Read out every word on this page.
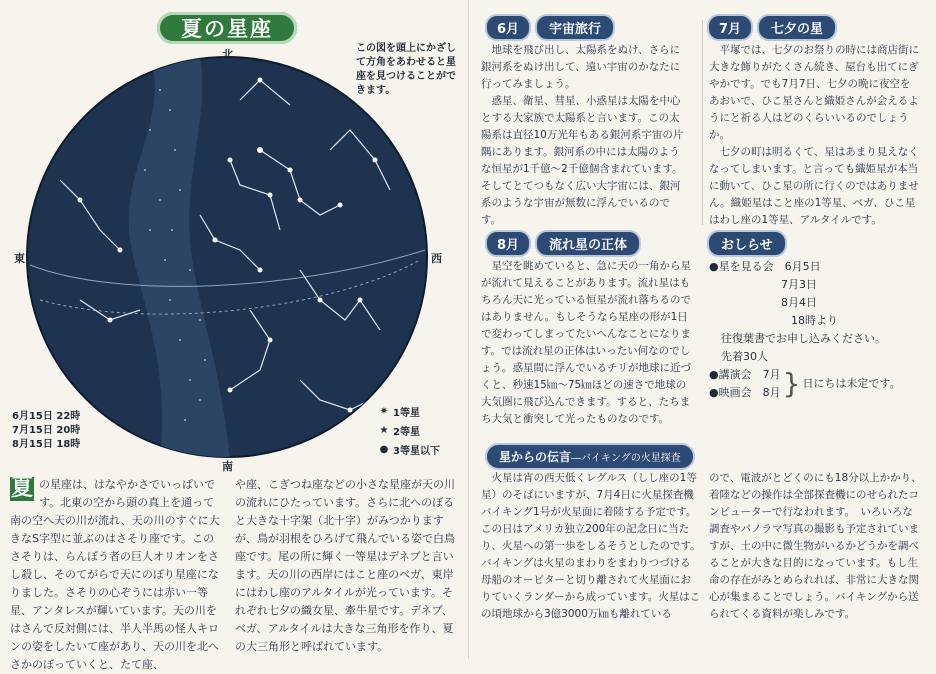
夏の星座
北
南
東	西
この図を頭上にかざして方角をあわせると星座を見つけることができます。
6月15日 22時
7月15日 20時
8月15日 18時
✷ 1等星
★ 2等星
● 3等星以下
夏 の星座は、はなやかさでいっぱいです。北東の空から頭の真上を通って南の空へ天の川が流れ、天の川のすぐに大きなS字型に並ぶのはさそり座です。このさそりは、らんぼう者の巨人オリオンをさし殺し、そのてがらで天にのぼり星座になりました。さそりの心ぞうには赤い一等星、アンタレスが輝いています。天の川をはさんで反対側には、半人半馬の怪人キロンの姿をしたいて座があり、天の川を北へさかのぼっていくと、たて座、
や座、こぎつね座などの小さな星座が天の川の流れにひたっています。さらに北へのぼると大きな十字架（北十字）がみつかりますが、鳥が羽根をひろげて飛んでいる姿で白鳥座です。尾の所に輝く一等星はデネブと言います。天の川の西岸にはこと座のベガ、東岸にはわし座のアルタイルが光っています。それぞれ七夕の織女星、牽牛星です。デネブ、ベガ、アルタイルは大きな三角形を作り、夏の大三角形と呼ばれています。
6月	宇宙旅行
地球を飛び出し、太陽系をぬけ、さらに銀河系をぬけ出して、遠い宇宙のかなたに行ってみましょう。
惑星、衛星、彗星、小惑星は太陽を中心とする大家族で太陽系と言います。この太陽系は直径10万光年もある銀河系宇宙の片隅にあります。銀河系の中には太陽のような恒星が1千億～2千億個含まれています。そしてとてつもなく広い大宇宙には、銀河系のような宇宙が無数に浮んでいるのです。
7月	七夕の星
平塚では、七夕のお祭りの時には商店街に大きな飾りがたくさん続き、屋台も出てにぎやかです。でも7月7日、七夕の晩に夜空をあおいで、ひこ星さんと織姫さんが会えるようにと祈る人はどのくらいいるのでしょうか。
七夕の町は明るくて、星はあまり見えなくなってしまいます。と言っても織姫星が本当に動いて、ひこ星の所に行くのではありません。織姫星はこと座の1等星、ベガ、ひこ星はわし座の1等星、アルタイルです。
8月	流れ星の正体
星空を眺めていると、急に天の一角から星が流れて見えることがあります。流れ星はもちろん天に光っている恒星が流れ落ちるのではありません。もしそうなら星座の形が1日で変わってしまってたいへんなことになります。では流れ星の正体はいったい何なのでしょう。惑星間に浮んでいるチリが地球に近づくと、秒速15㎞～75㎞ほどの速さで地球の大気圏に飛び込んできます。すると、たちまち大気と衝突して光ったものなのです。
おしらせ
●星を見る会　6月5日
7月3日
8月4日
18時より
往復葉書でお申し込みください。
先着30人
●講演会　7月
●映画会　8月 } 日にちは未定です。
星からの伝言―バイキングの火星探査
火星は宵の西天低くレグルス（しし座の1等星）のそばにいますが、7月4日に火星探査機バイキング1号が火星面に着陸する予定です。この日はアメリカ独立200年の記念日に当たり、火星への第一歩をしるそうとしたのです。　バイキングは火星のまわりをまわりつづける母船のオービターと切り離されて火星面におりていくランダーから成っています。火星はこの頃地球から3億3000万㎞も離れている
ので、電波がとどくのにも18分以上かかり、着陸などの操作は全部探査機にのせられたコンピューターで行なわれます。　いろいろな調査やパノラマ写真の撮影も予定されていますが、土の中に微生物がいるかどうかを調べることが大きな目的になっています。もし生命の存在がみとめられれば、非常に大きな関心が集まることでしょう。バイキングから送られてくる資料が楽しみです。
